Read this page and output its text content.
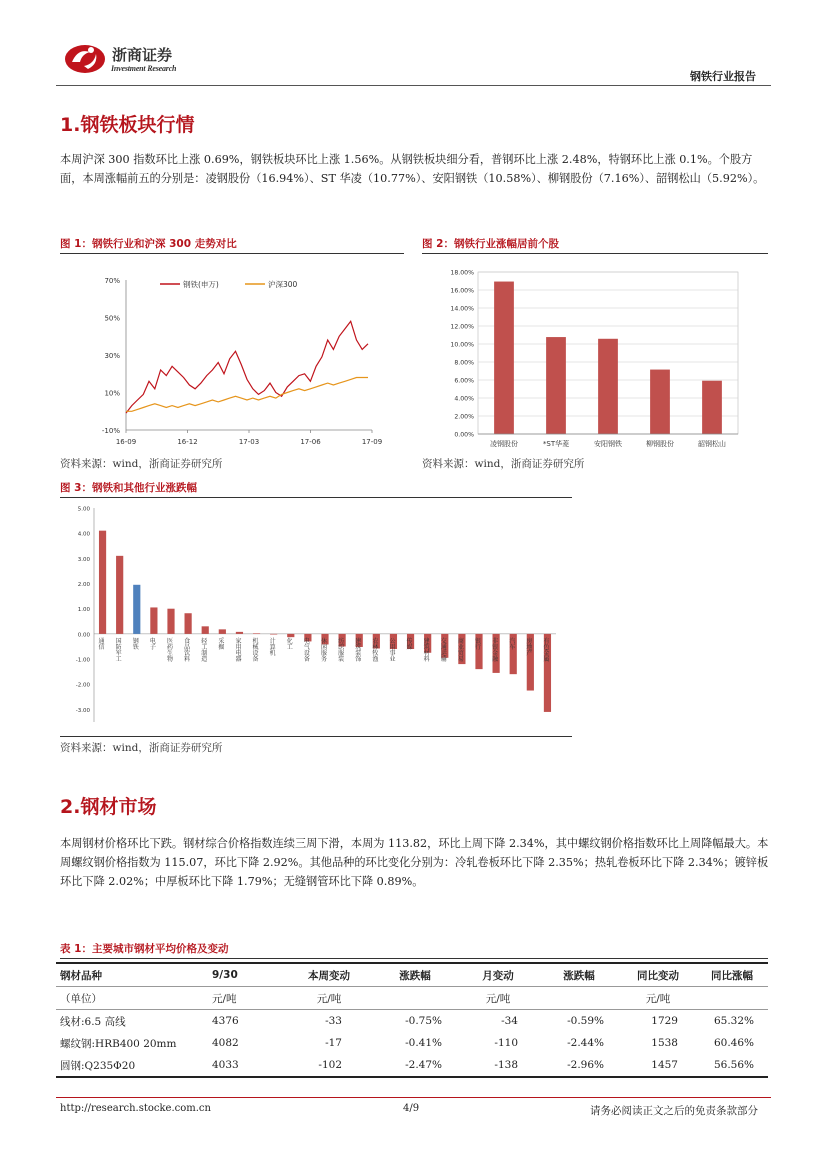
浙商证券
Investment Research
钢铁行业报告
1.钢铁板块行情
本周沪深 300 指数环比上涨 0.69%，钢铁板块环比上涨 1.56%。从钢铁板块细分看，普钢环比上涨 2.48%，特钢环比上涨 0.1%。个股方面，本周涨幅前五的分别是：凌钢股份（16.94%）、ST 华凌（10.77%）、安阳钢铁（10.58%）、柳钢股份（7.16%）、韶钢松山（5.92%）。
图 1：钢铁行业和沪深 300 走势对比
70%
50%
30%
10%
-10%
16-09	16-12	17-03	17-06	17-09
钢铁(申万)	沪深300
资料来源：wind，浙商证券研究所
图 2：钢铁行业涨幅居前个股
18.00%
16.00%
14.00%
12.00%
10.00%
8.00%
6.00%
4.00%
2.00%
0.00%
凌钢股份	*ST华菱	安阳钢铁	柳钢股份	韶钢松山
资料来源：wind，浙商证券研究所
图 3：钢铁和其他行业涨跌幅
5.00
4.00
3.00
2.00
1.00
0.00
-1.00
-2.00
-3.00
通信 国防军工 钢铁 电子 医药生物 食品饮料 轻工制造 采掘 家用电器 机械设备 计算机 化工 电气设备 休闲服务 纺织服装 建筑装饰 农林牧渔 公用事业 传媒 建筑材料 交通运输 商业贸易 银行 非银金融 汽车 房地产 有色金属
资料来源：wind，浙商证券研究所
2.钢材市场
本周钢材价格环比下跌。钢材综合价格指数连续三周下滑，本周为 113.82，环比上周下降 2.34%，其中螺纹钢价格指数环比上周降幅最大。本周螺纹钢价格指数为 115.07，环比下降 2.92%。其他品种的环比变化分别为：冷轧卷板环比下降 2.35%；热轧卷板环比下降 2.34%；镀锌板环比下降 2.02%；中厚板环比下降 1.79%；无缝钢管环比下降 0.89%。
表 1：主要城市钢材平均价格及变动
钢材品种	9/30	本周变动	涨跌幅	月变动	涨跌幅	同比变动	同比涨幅
（单位）	元/吨	元/吨		元/吨		元/吨	
线材:6.5 高线	4376	-33	-0.75%	-34	-0.59%	1729	65.32%
螺纹钢:HRB400 20mm	4082	-17	-0.41%	-110	-2.44%	1538	60.46%
圆钢:Q235Φ20	4033	-102	-2.47%	-138	-2.96%	1457	56.56%
http://research.stocke.com.cn	4/9	请务必阅读正文之后的免责条款部分
